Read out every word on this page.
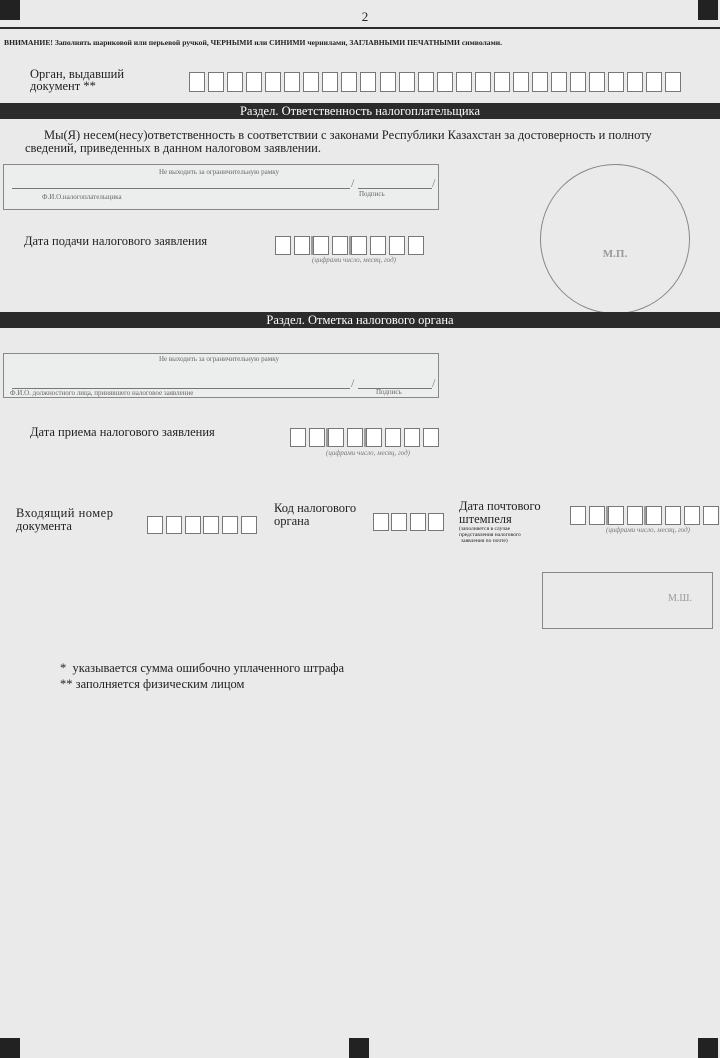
2
ВНИМАНИЕ! Заполнять шариковой или перьевой ручкой, ЧЕРНЫМИ или СИНИМИ чернилами, ЗАГЛАВНЫМИ ПЕЧАТНЫМИ символами.
Орган, выдавший
документ **
Раздел. Ответственность налогоплательщика
Мы(Я) несем(несу)ответственность в соответствии с законами Республики Казахстан за достоверность и полноту
сведений, приведенных в данном налоговом заявлении.
Не выходить за ограничительную рамку
/	/
Ф.И.О.налогоплательщика	Подпись
М.П.
Дата подачи налогового заявления
(цифрами число, месяц, год)
Раздел. Отметка налогового органа
Не выходить за ограничительную рамку
/	/
Ф.И.О. должностного лица, принявшего налоговое заявление	Подпись
Дата приема налогового заявления
(цифрами число, месяц, год)
Входящий номер
документа
Код налогового
органа
Дата почтового
штемпеля
(заполняется в случае
представления налогового
заявления по почте)
(цифрами число, месяц, год)
М.Ш.
*  указывается сумма ошибочно уплаченного штрафа
** заполняется физическим лицом
